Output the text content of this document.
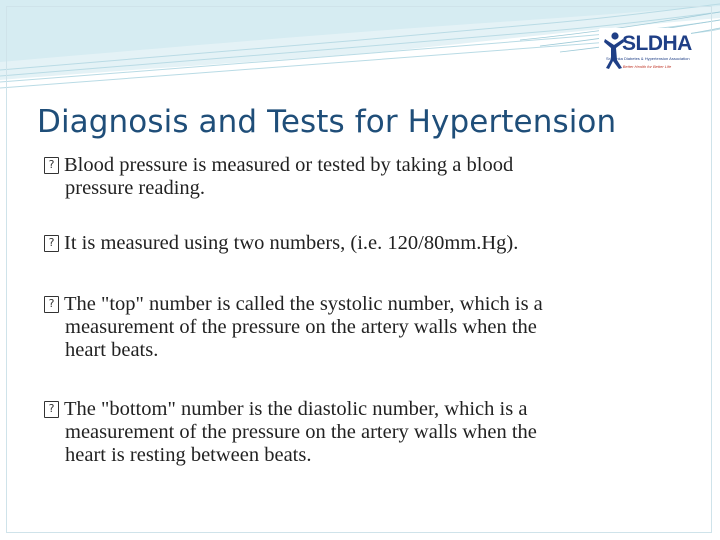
SLDHA
Sri Lanka Diabetes & Hypertension Association
Better Health for Better Life
Diagnosis and Tests for Hypertension
? Blood pressure is measured or tested by taking a blood
pressure reading.
? It is measured using two numbers, (i.e. 120/80mm.Hg).
? The "top" number is called the systolic number, which is a
measurement of the pressure on the artery walls when the
heart beats.
? The "bottom" number is the diastolic number, which is a
measurement of the pressure on the artery walls when the
heart is resting between beats.
